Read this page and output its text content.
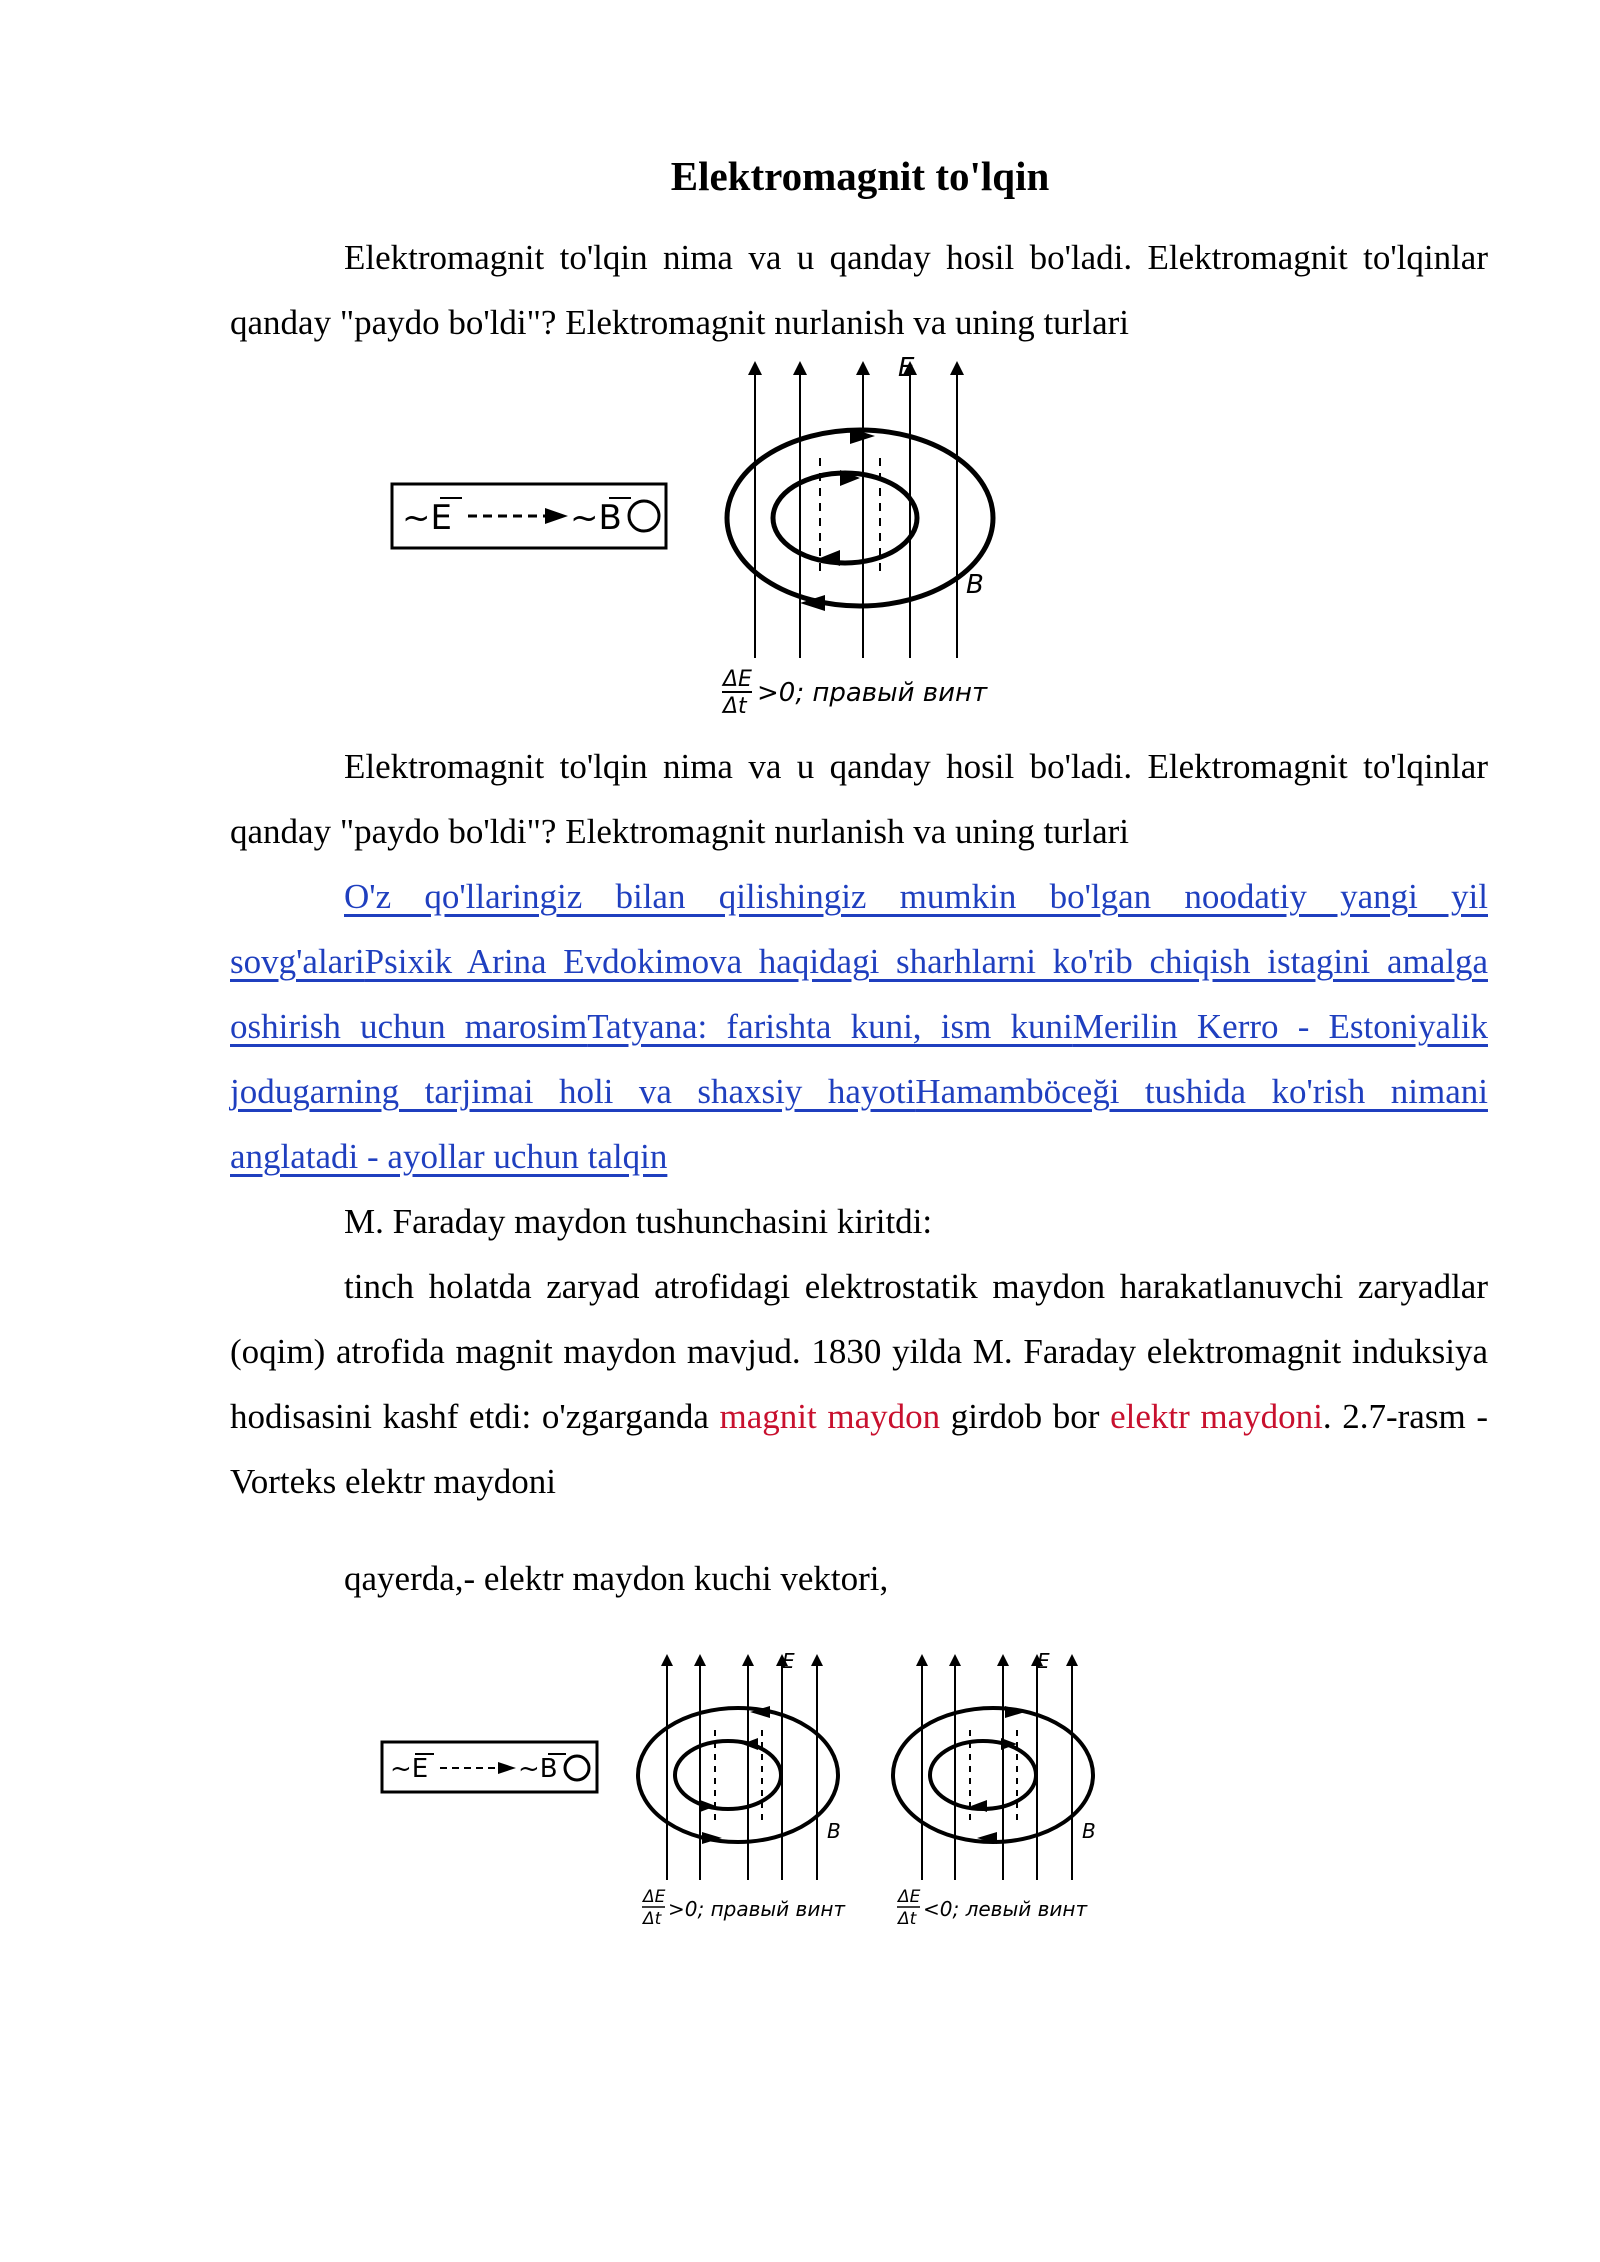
Elektromagnit to'lqin

Elektromagnit to'lqin nima va u qanday hosil bo'ladi. Elektromagnit to'lqinlar qanday "paydo bo'ldi"? Elektromagnit nurlanish va uning turlari

~E	~B
E
B
ΔE
Δt >0; правый винт

Elektromagnit to'lqin nima va u qanday hosil bo'ladi. Elektromagnit to'lqinlar qanday "paydo bo'ldi"? Elektromagnit nurlanish va uning turlari

O'z qo'llaringiz bilan qilishingiz mumkin bo'lgan noodatiy yangi yil sovg'alariPsixik Arina Evdokimova haqidagi sharhlarni ko'rib chiqish istagini amalga oshirish uchun marosimTatyana: farishta kuni, ism kuniMerilin Kerro - Estoniyalik jodugarning tarjimai holi va shaxsiy hayotiHamamböceği tushida ko'rish nimani anglatadi - ayollar uchun talqin

M. Faraday maydon tushunchasini kiritdi:

tinch holatda zaryad atrofidagi elektrostatik maydon harakatlanuvchi zaryadlar (oqim) atrofida magnit maydon mavjud. 1830 yilda M. Faraday elektromagnit induksiya hodisasini kashf etdi: o'zgarganda magnit maydon girdob bor elektr maydoni. 2.7-rasm - Vorteks elektr maydoni

qayerda,- elektr maydon kuchi vektori,

~E	~B
E
B
ΔE
Δt >0; правый винт
E
B
ΔE
Δt <0; левый винт
